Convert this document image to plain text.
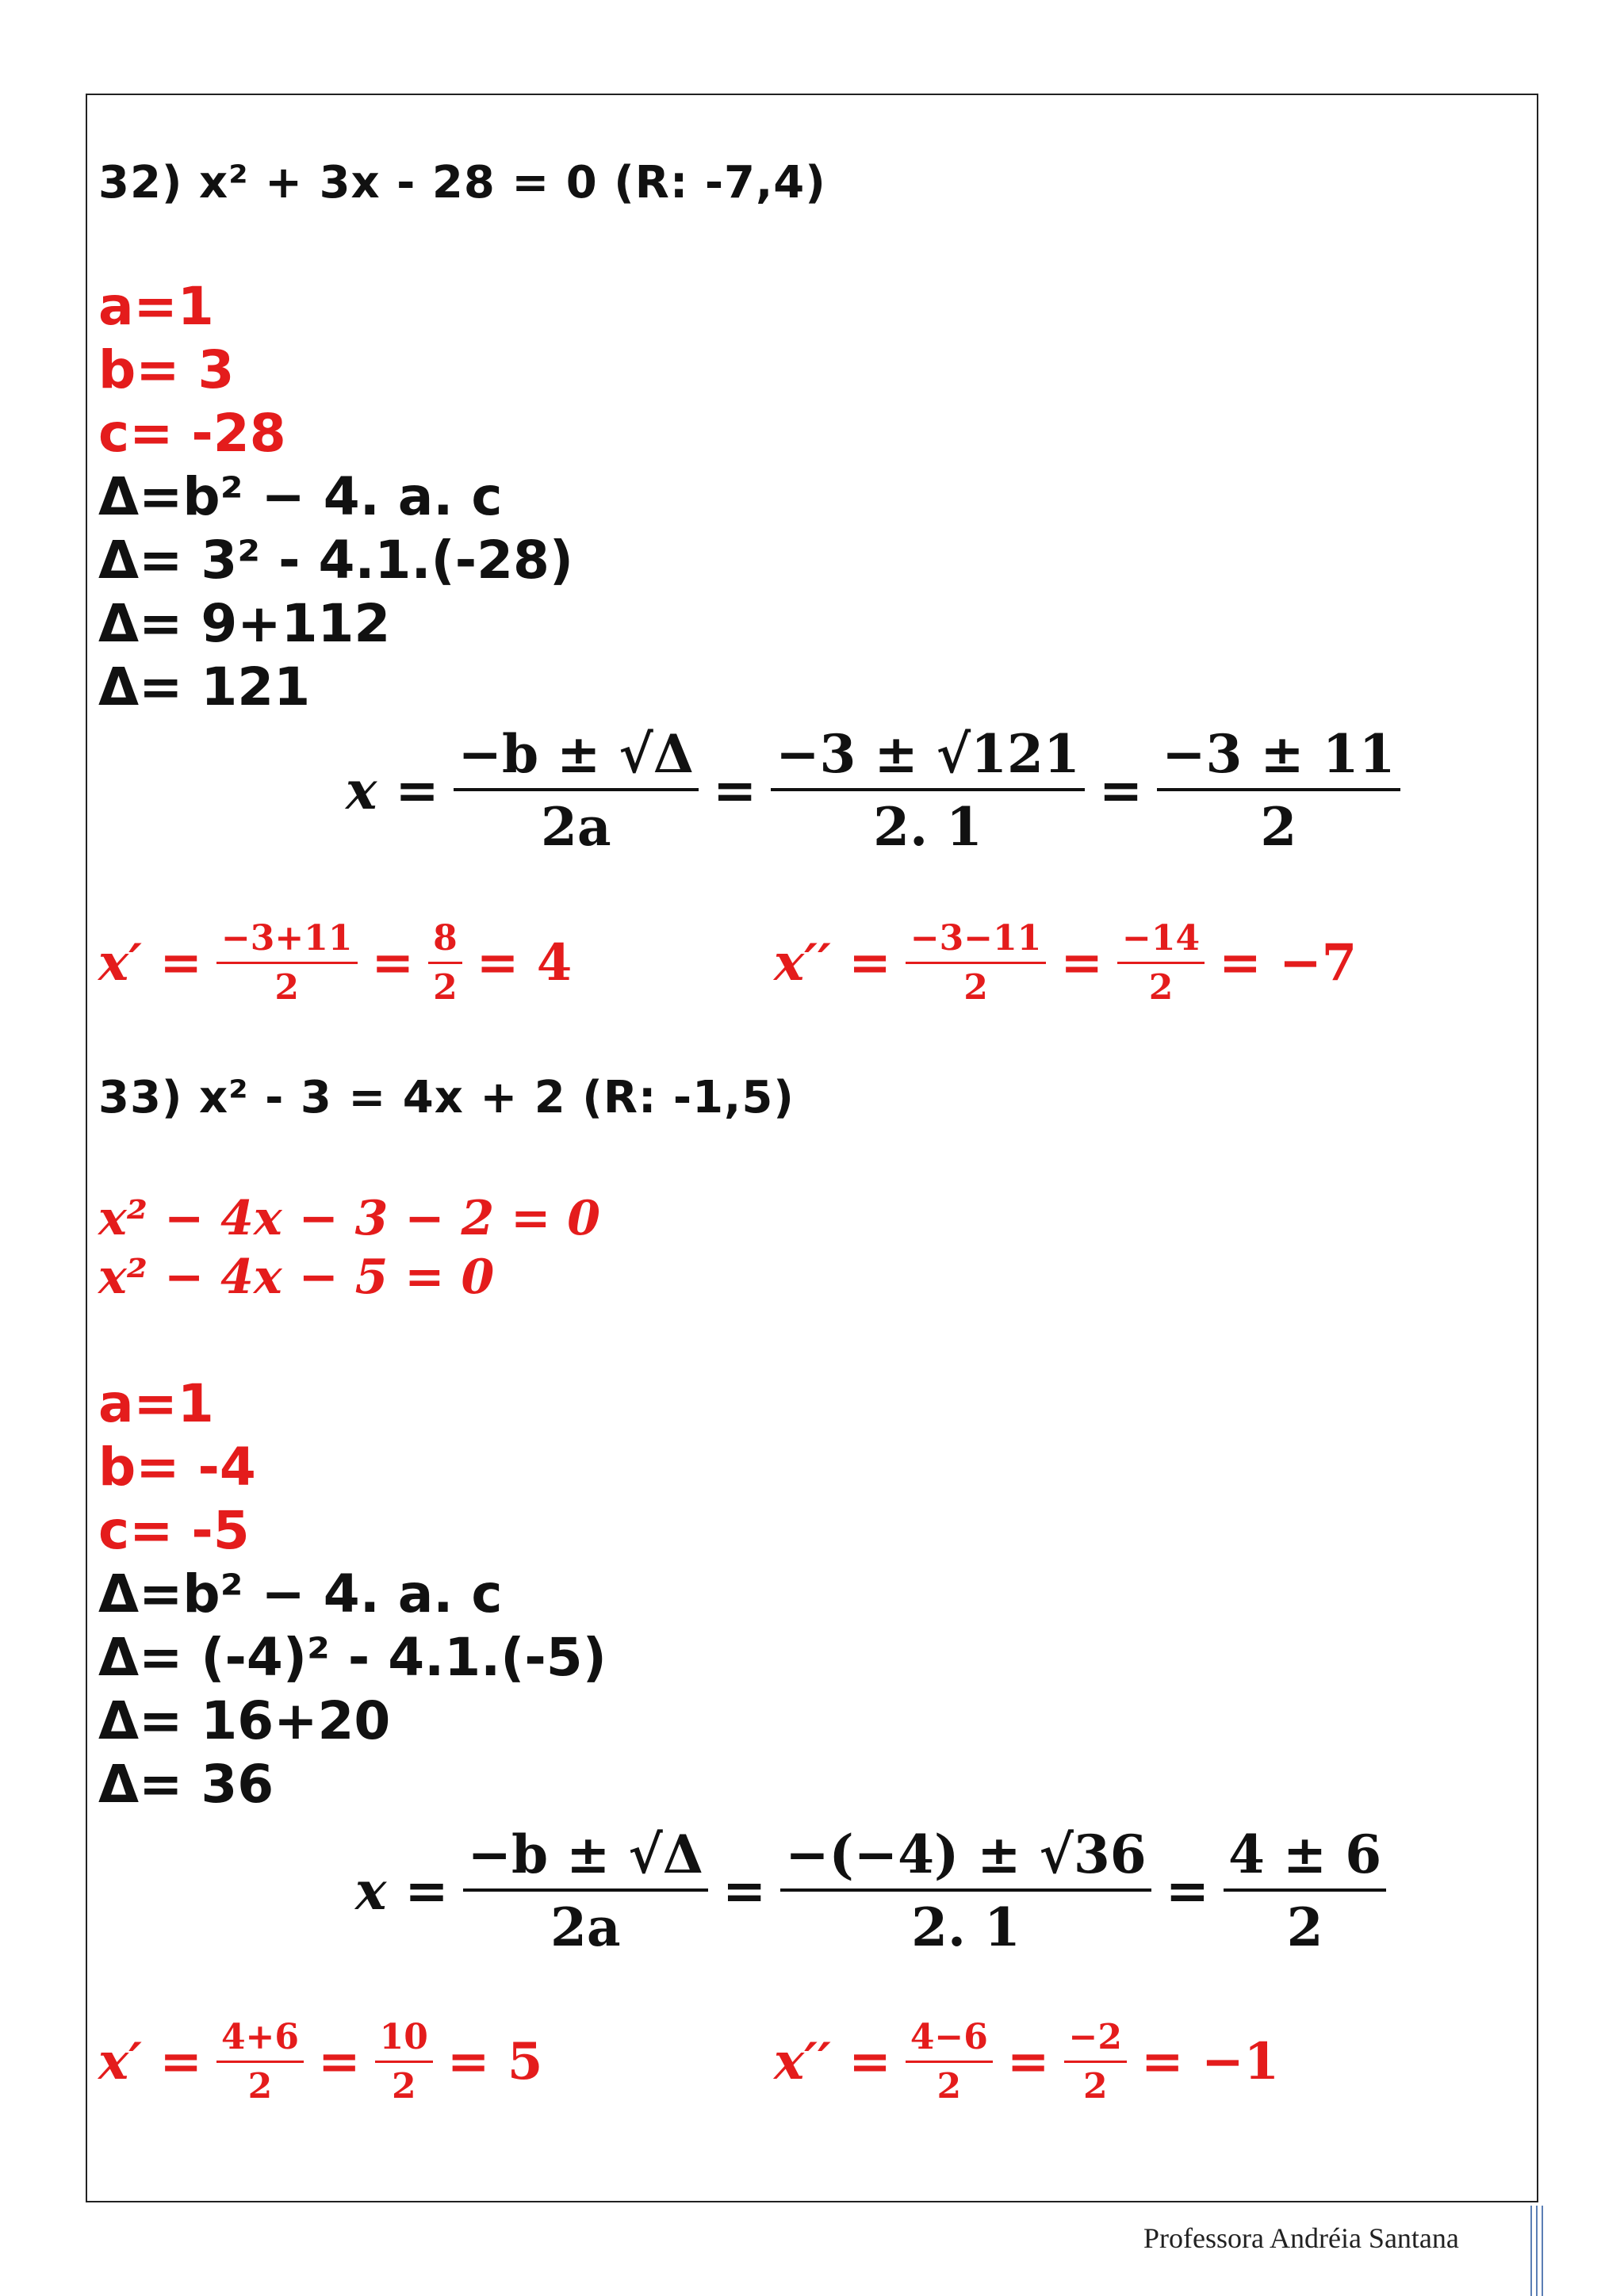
32) x² + 3x - 28 = 0 (R: -7,4)
a=1
b= 3
c= -28
Δ=b² − 4. a. c
Δ= 3² - 4.1.(-28)
Δ= 9+112
Δ= 121
$x = \frac{-b \pm √\Delta}{2a} = \frac{-3 \pm √121}{2. 1} = \frac{-3 \pm 11}{2}$
$x' = \frac{-3+11}{2} = \frac{8}{2} = 4$	$x'' = \frac{-3-11}{2} = \frac{-14}{2} = -7$
33) x² - 3 = 4x + 2 (R: -1,5)
x² − 4x − 3 − 2 = 0
x² − 4x − 5 = 0
a=1
b= -4
c= -5
Δ=b² − 4. a. c
Δ= (-4)² - 4.1.(-5)
Δ= 16+20
Δ= 36
$x = \frac{-b \pm √\Delta}{2a} = \frac{-(-4) \pm √36}{2. 1} = \frac{4 \pm 6}{2}$
$x' = \frac{4+6}{2} = \frac{10}{2} = 5$	$x'' = \frac{4-6}{2} = \frac{-2}{2} = -1$
Professora Andréia Santana
